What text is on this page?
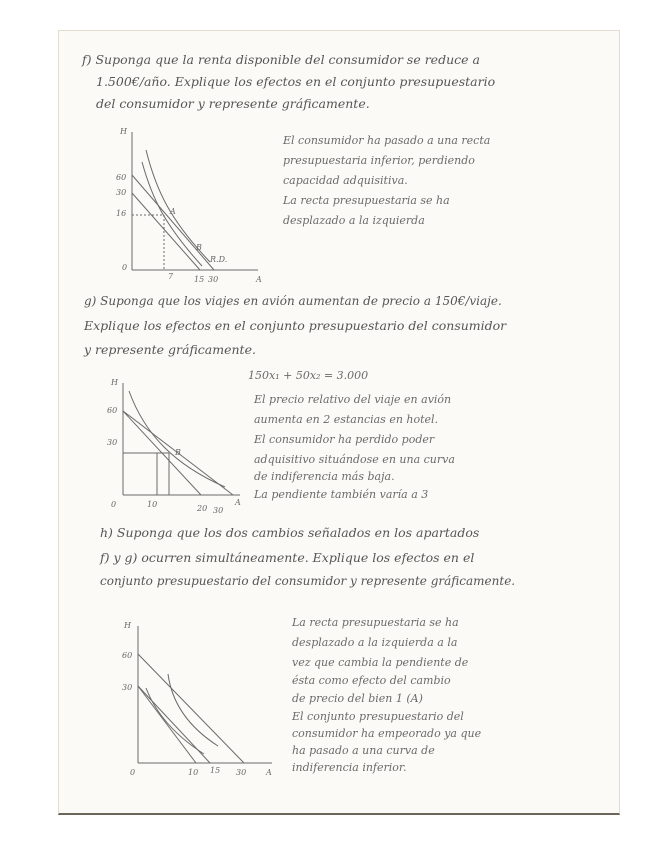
f) Suponga que la renta disponible del consumidor se reduce a
1.500€/año. Explique los efectos en el conjunto presupuestario
del consumidor y represente gráficamente.
H
A
0
60
30
16
7	15 30
A
B
R.D.
El consumidor ha pasado a una recta
presupuestaria inferior, perdiendo
capacidad adquisitiva.
La recta presupuestaria se ha
desplazado a la izquierda
g) Suponga que los viajes en avión aumentan de precio a 150€/viaje.
Explique los efectos en el conjunto presupuestario del consumidor
y represente gráficamente.
150x₁ + 50x₂ = 3.000
H
A
0
60
30
10	20 30
B
El precio relativo del viaje en avión
aumenta en 2 estancias en hotel.
El consumidor ha perdido poder
adquisitivo situándose en una curva
de indiferencia más baja.
La pendiente también varía a 3
h) Suponga que los dos cambios señalados en los apartados
f) y g) ocurren simultáneamente. Explique los efectos en el
conjunto presupuestario del consumidor y represente gráficamente.
H
A
0
60
30
10 15 30
La recta presupuestaria se ha
desplazado a la izquierda a la
vez que cambia la pendiente de
ésta como efecto del cambio
de precio del bien 1 (A)
El conjunto presupuestario del
consumidor ha empeorado ya que
ha pasado a una curva de
indiferencia inferior.
